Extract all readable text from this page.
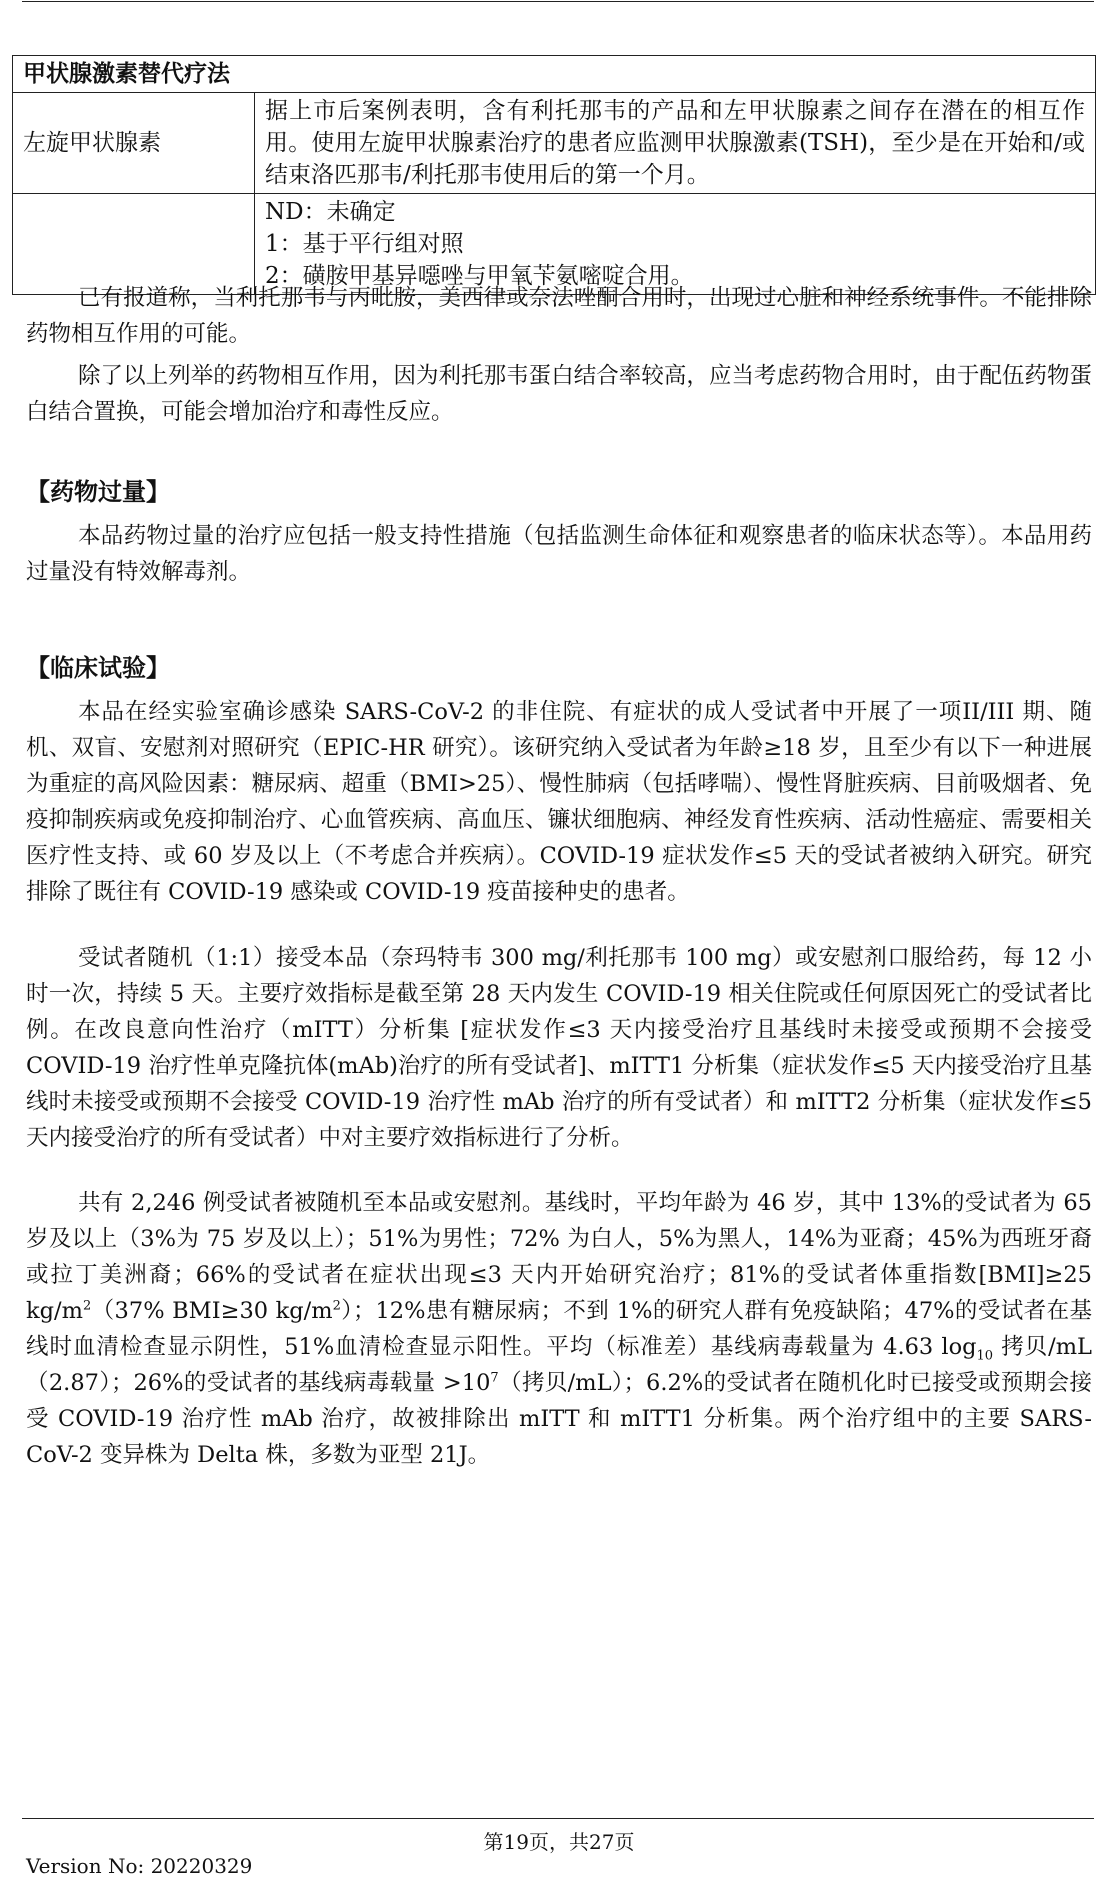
甲状腺激素替代疗法	
左旋甲状腺素	据上市后案例表明，含有利托那韦的产品和左甲状腺素之间存在潜在的相互作用。使用左旋甲状腺素治疗的患者应监测甲状腺激素(TSH)，至少是在开始和/或结束洛匹那韦/利托那韦使用后的第一个月。

	ND：未确定
1：基于平行组对照
2：磺胺甲基异噁唑与甲氧苄氨嘧啶合用。

已有报道称，当利托那韦与丙吡胺，美西律或奈法唑酮合用时，出现过心脏和神经系统事件。不能排除药物相互作用的可能。

除了以上列举的药物相互作用，因为利托那韦蛋白结合率较高，应当考虑药物合用时，由于配伍药物蛋白结合置换，可能会增加治疗和毒性反应。

【药物过量】

本品药物过量的治疗应包括一般支持性措施（包括监测生命体征和观察患者的临床状态等）。本品用药过量没有特效解毒剂。

【临床试验】

本品在经实验室确诊感染 SARS-CoV-2 的非住院、有症状的成人受试者中开展了一项II/III 期、随机、双盲、安慰剂对照研究（EPIC-HR 研究）。该研究纳入受试者为年龄≥18 岁，且至少有以下一种进展为重症的高风险因素：糖尿病、超重（BMI>25）、慢性肺病（包括哮喘）、慢性肾脏疾病、目前吸烟者、免疫抑制疾病或免疫抑制治疗、心血管疾病、高血压、镰状细胞病、神经发育性疾病、活动性癌症、需要相关医疗性支持、或 60 岁及以上（不考虑合并疾病）。COVID-19 症状发作≤5 天的受试者被纳入研究。研究排除了既往有 COVID-19 感染或 COVID-19 疫苗接种史的患者。

受试者随机（1:1）接受本品（奈玛特韦 300 mg/利托那韦 100 mg）或安慰剂口服给药，每 12 小时一次，持续 5 天。主要疗效指标是截至第 28 天内发生 COVID-19 相关住院或任何原因死亡的受试者比例。在改良意向性治疗（mITT）分析集 [症状发作≤3 天内接受治疗且基线时未接受或预期不会接受 COVID-19 治疗性单克隆抗体(mAb)治疗的所有受试者]、mITT1 分析集（症状发作≤5 天内接受治疗且基线时未接受或预期不会接受 COVID-19 治疗性 mAb 治疗的所有受试者）和 mITT2 分析集（症状发作≤5 天内接受治疗的所有受试者）中对主要疗效指标进行了分析。

共有 2,246 例受试者被随机至本品或安慰剂。基线时，平均年龄为 46 岁，其中 13%的受试者为 65 岁及以上（3%为 75 岁及以上）；51%为男性；72% 为白人，5%为黑人，14%为亚裔；45%为西班牙裔或拉丁美洲裔；66%的受试者在症状出现≤3 天内开始研究治疗；81%的受试者体重指数[BMI]≥25 $kg/m^2(37\%$ BMI≥30 $kg/m^2$）；12%患有糖尿病；不到 1%的研究人群有免疫缺陷；47%的受试者在基线时血清检查显示阴性，51%血清检查显示阳性。平均（标准差）基线病毒载量为 4.63 $\log_{10}$ 拷贝/mL（2.87）；26%的受试者的基线病毒载量 $>10^7$（拷贝/mL）；6.2%的受试者在随机化时已接受或预期会接受 COVID-19 治疗性 mAb 治疗，故被排除出 mITT 和 mITT1 分析集。两个治疗组中的主要 SARS-CoV-2 变异株为 Delta 株，多数为亚型 21J。

第19页，共27页
Version No: 20220329
